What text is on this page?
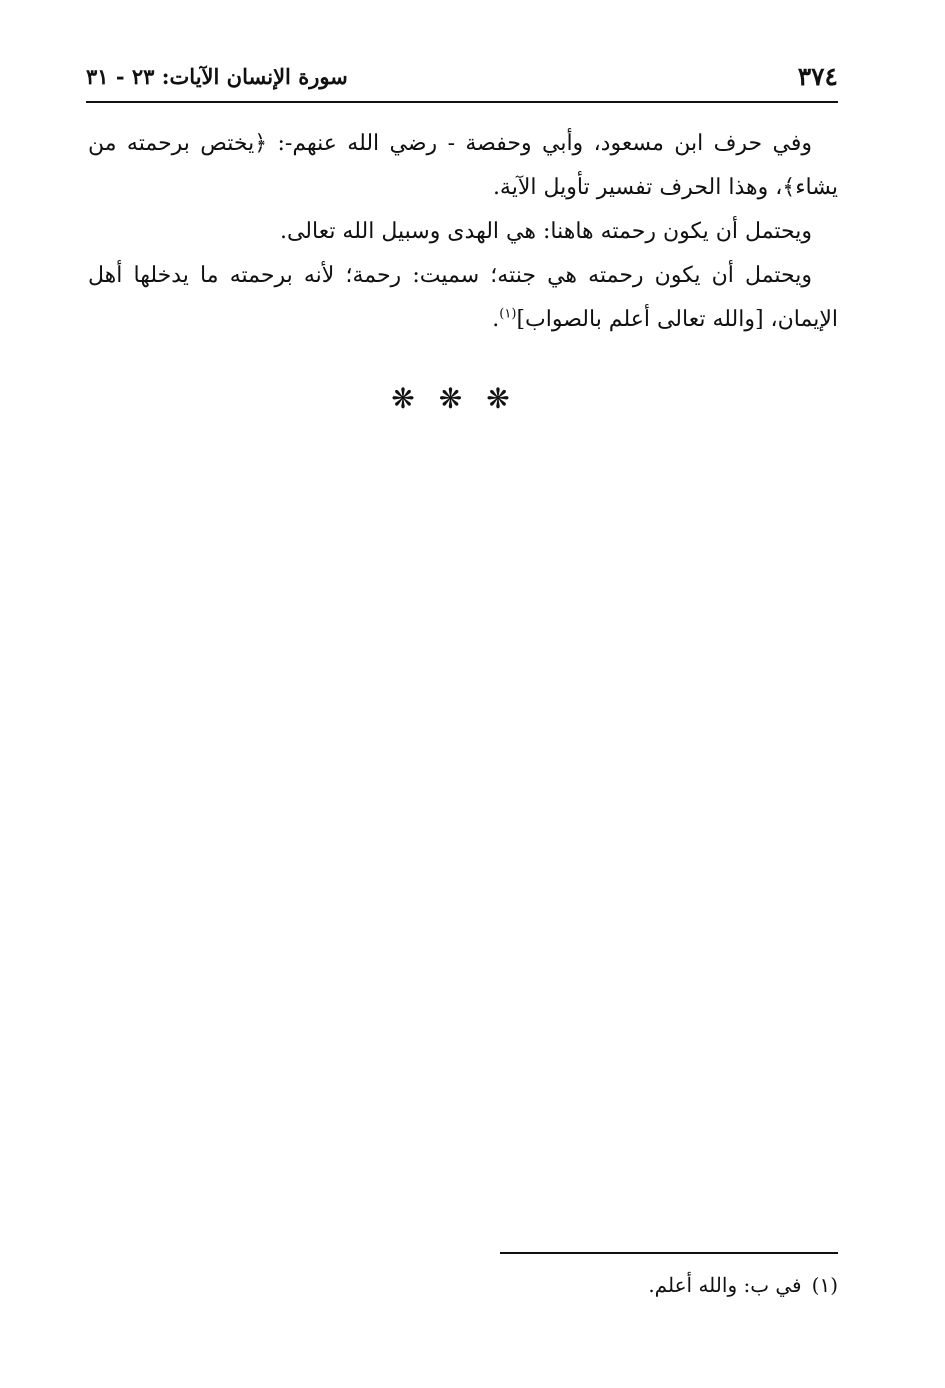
٣٧٤
سورة الإنسان الآيات: ٢٣ - ٣١

وفي حرف ابن مسعود، وأبي وحفصة - رضي الله عنهم-: ﴿يختص برحمته من يشاء﴾، وهذا الحرف تفسير تأويل الآية.

ويحتمل أن يكون رحمته هاهنا: هي الهدى وسبيل الله تعالى.

ويحتمل أن يكون رحمته هي جنته؛ سميت: رحمة؛ لأنه برحمته ما يدخلها أهل الإيمان، [والله تعالى أعلم بالصواب]$^{(١)}$.

❋❋❋
(١)في ب: والله أعلم.
